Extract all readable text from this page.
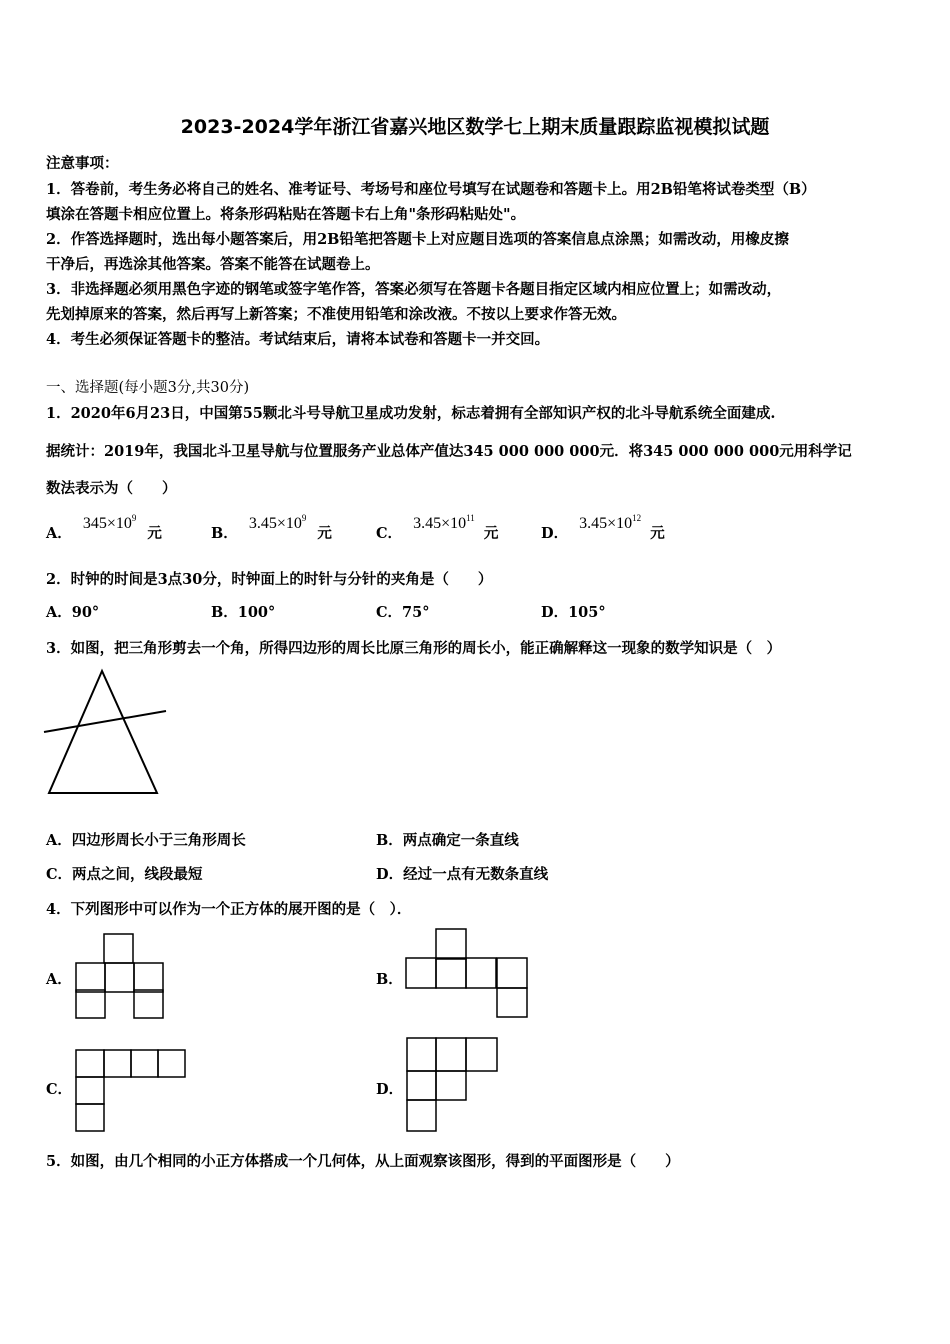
2023-2024学年浙江省嘉兴地区数学七上期末质量跟踪监视模拟试题
注意事项：
1．答卷前，考生务必将自己的姓名、准考证号、考场号和座位号填写在试题卷和答题卡上。用2B铅笔将试卷类型（B）
填涂在答题卡相应位置上。将条形码粘贴在答题卡右上角"条形码粘贴处"。
2．作答选择题时，选出每小题答案后，用2B铅笔把答题卡上对应题目选项的答案信息点涂黑；如需改动，用橡皮擦
干净后，再选涂其他答案。答案不能答在试题卷上。
3．非选择题必须用黑色字迹的钢笔或签字笔作答，答案必须写在答题卡各题目指定区域内相应位置上；如需改动，
先划掉原来的答案，然后再写上新答案；不准使用铅笔和涂改液。不按以上要求作答无效。
4．考生必须保证答题卡的整洁。考试结束后，请将本试卷和答题卡一并交回。
一、选择题(每小题3分,共30分)
1．2020年6月23日，中国第55颗北斗号导航卫星成功发射，标志着拥有全部知识产权的北斗导航系统全面建成.
据统计：2019年，我国北斗卫星导航与位置服务产业总体产值达345 000 000 000元．将345 000 000 000元用科学记
数法表示为（　　）
A． $345\times 10^9$ 元	B． $3.45\times 10^9$ 元	C． $3.45\times 10^{11}$ 元	D． $3.45\times 10^{12}$ 元
2．时钟的时间是3点30分，时钟面上的时针与分针的夹角是（　　）
A．90°	B．100°	C．75°	D．105°
3．如图，把三角形剪去一个角，所得四边形的周长比原三角形的周长小，能正确解释这一现象的数学知识是（　）
A．四边形周长小于三角形周长	B．两点确定一条直线
C．两点之间，线段最短	D．经过一点有无数条直线
4．下列图形中可以作为一个正方体的展开图的是（　）．
A．	B．
C．	D．
5．如图，由几个相同的小正方体搭成一个几何体，从上面观察该图形，得到的平面图形是（　　）
